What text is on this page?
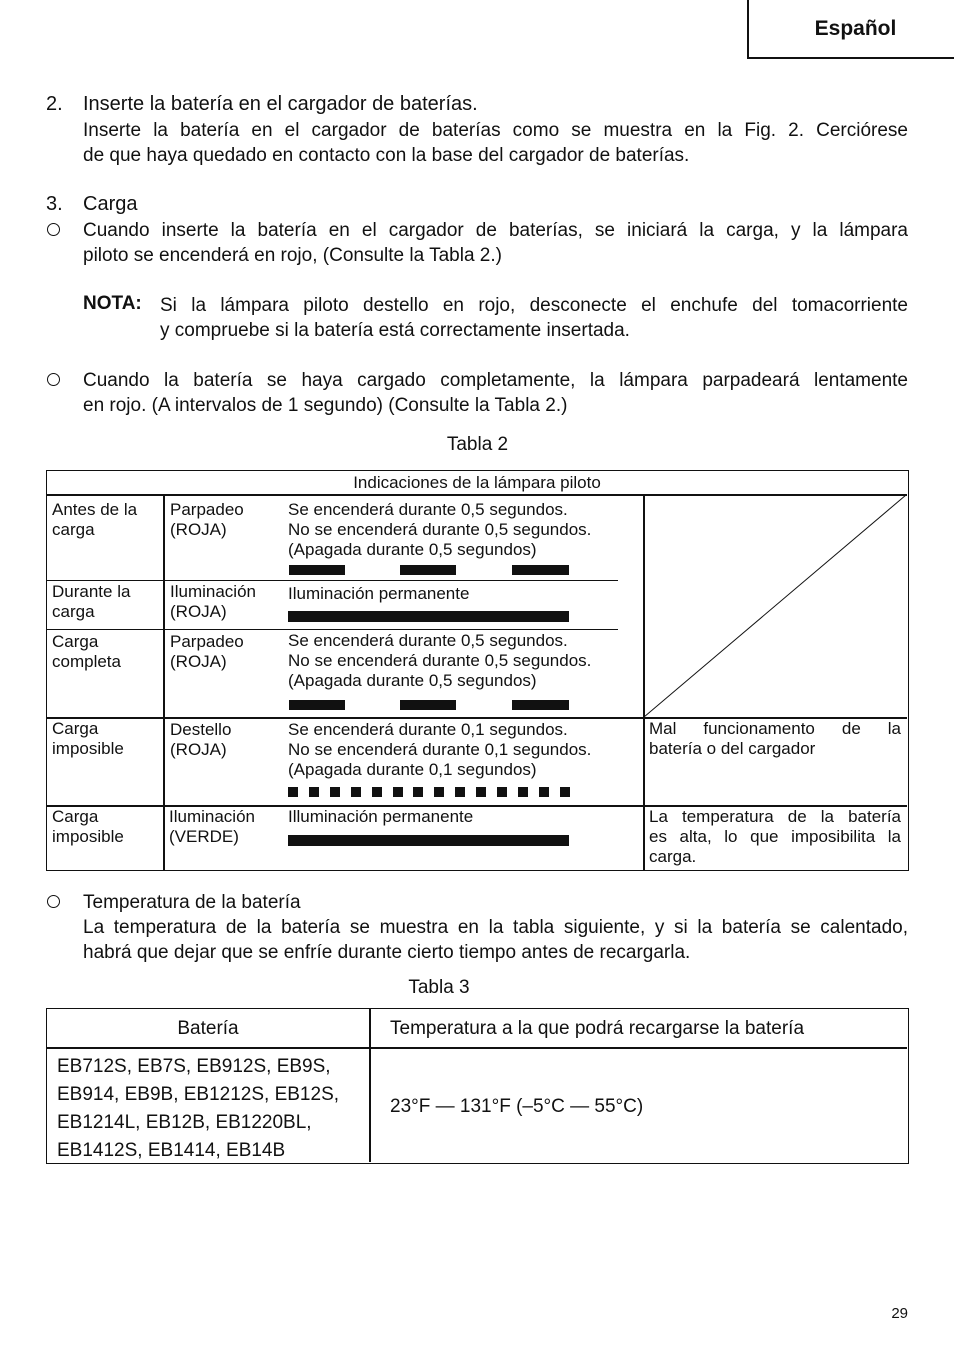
Español
2. Inserte la batería en el cargador de baterías.
Inserte la batería en el cargador de baterías como se muestra en la Fig. 2. Cerciórese
de que haya quedado en contacto con la base del cargador de baterías.
3. Carga
Cuando inserte la batería en el cargador de baterías, se iniciará la carga, y la lámpara
piloto se encenderá en rojo, (Consulte la Tabla 2.)
NOTA: Si la lámpara piloto destello en rojo, desconecte el enchufe del tomacorriente
y compruebe si la batería está correctamente insertada.
Cuando la batería se haya cargado completamente, la lámpara parpadeará lentamente
en rojo. (A intervalos de 1 segundo) (Consulte la Tabla 2.)
Tabla 2
Indicaciones de la lámpara piloto
Antes de la
carga
Parpadeo
(ROJA)
Se encenderá durante 0,5 segundos.
No se encenderá durante 0,5 segundos.
(Apagada durante 0,5 segundos)
Durante la
carga
Iluminación
(ROJA)
Iluminación permanente
Carga
completa
Parpadeo
(ROJA)
Se encenderá durante 0,5 segundos.
No se encenderá durante 0,5 segundos.
(Apagada durante 0,5 segundos)
Carga
imposible
Destello
(ROJA)
Se encenderá durante 0,1 segundos.
No se encenderá durante 0,1 segundos.
(Apagada durante 0,1 segundos)
Mal funcionamento de la
batería o del cargador
Carga
imposible
Iluminación
(VERDE)
Illuminación permanente	La temperatura de la batería
es alta, lo que imposibilita la
carga.
Temperatura de la batería
La temperatura de la batería se muestra en la tabla siguiente, y si la batería se calentado,
habrá que dejar que se enfríe durante cierto tiempo antes de recargarla.
Tabla 3
Batería	Temperatura a la que podrá recargarse la batería
EB712S, EB7S, EB912S, EB9S,
EB914, EB9B, EB1212S, EB12S,
EB1214L, EB12B, EB1220BL,
EB1412S, EB1414, EB14B
23°F — 131°F (–5°C — 55°C)
29
